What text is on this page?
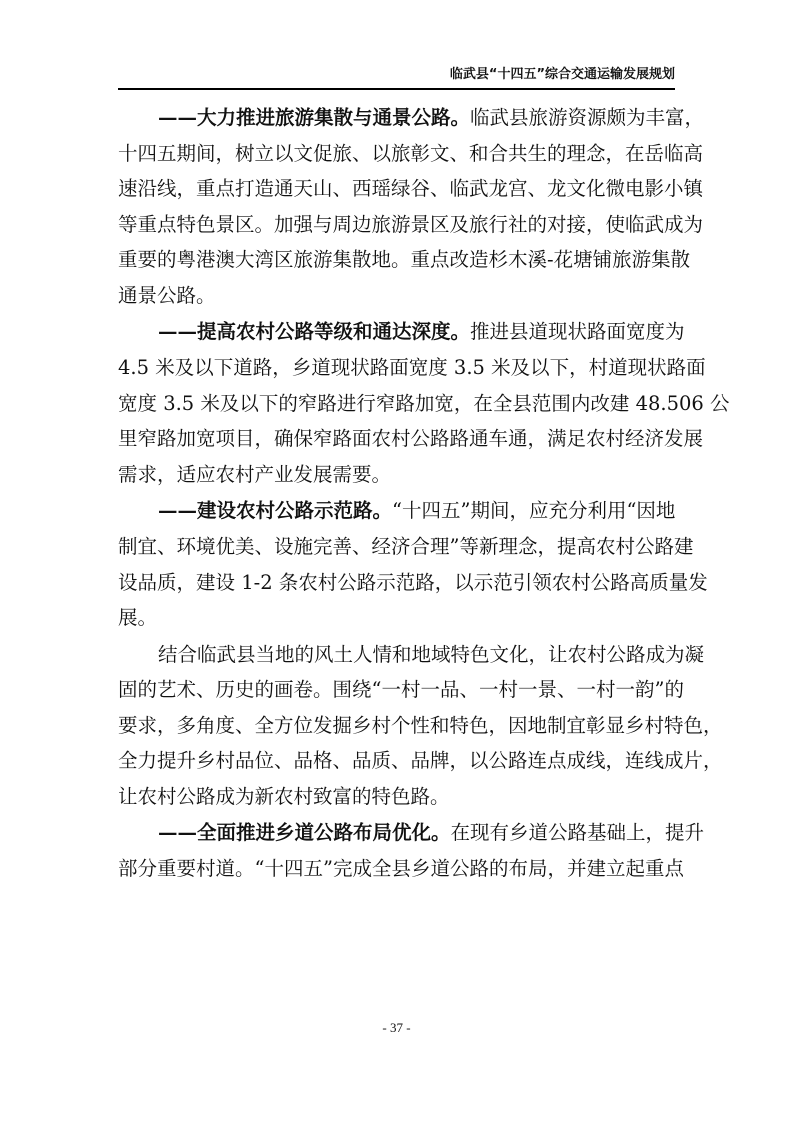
临武县“十四五”综合交通运输发展规划
——大力推进旅游集散与通景公路。临武县旅游资源颇为丰富，
十四五期间，树立以文促旅、以旅彰文、和合共生的理念，在岳临高
速沿线，重点打造通天山、西瑶绿谷、临武龙宫、龙文化微电影小镇
等重点特色景区。加强与周边旅游景区及旅行社的对接，使临武成为
重要的粤港澳大湾区旅游集散地。重点改造杉木溪-花塘铺旅游集散
通景公路。
——提高农村公路等级和通达深度。推进县道现状路面宽度为
4.5 米及以下道路，乡道现状路面宽度 3.5 米及以下，村道现状路面
宽度 3.5 米及以下的窄路进行窄路加宽，在全县范围内改建 48.506 公
里窄路加宽项目，确保窄路面农村公路路通车通，满足农村经济发展
需求，适应农村产业发展需要。
——建设农村公路示范路。“十四五”期间，应充分利用“因地
制宜、环境优美、设施完善、经济合理”等新理念，提高农村公路建
设品质，建设 1-2 条农村公路示范路，以示范引领农村公路高质量发
展。
结合临武县当地的风土人情和地域特色文化，让农村公路成为凝
固的艺术、历史的画卷。围绕“一村一品、一村一景、一村一韵”的
要求，多角度、全方位发掘乡村个性和特色，因地制宜彰显乡村特色，
全力提升乡村品位、品格、品质、品牌，以公路连点成线，连线成片，
让农村公路成为新农村致富的特色路。
——全面推进乡道公路布局优化。在现有乡道公路基础上，提升
部分重要村道。“十四五”完成全县乡道公路的布局，并建立起重点
- 37 -
